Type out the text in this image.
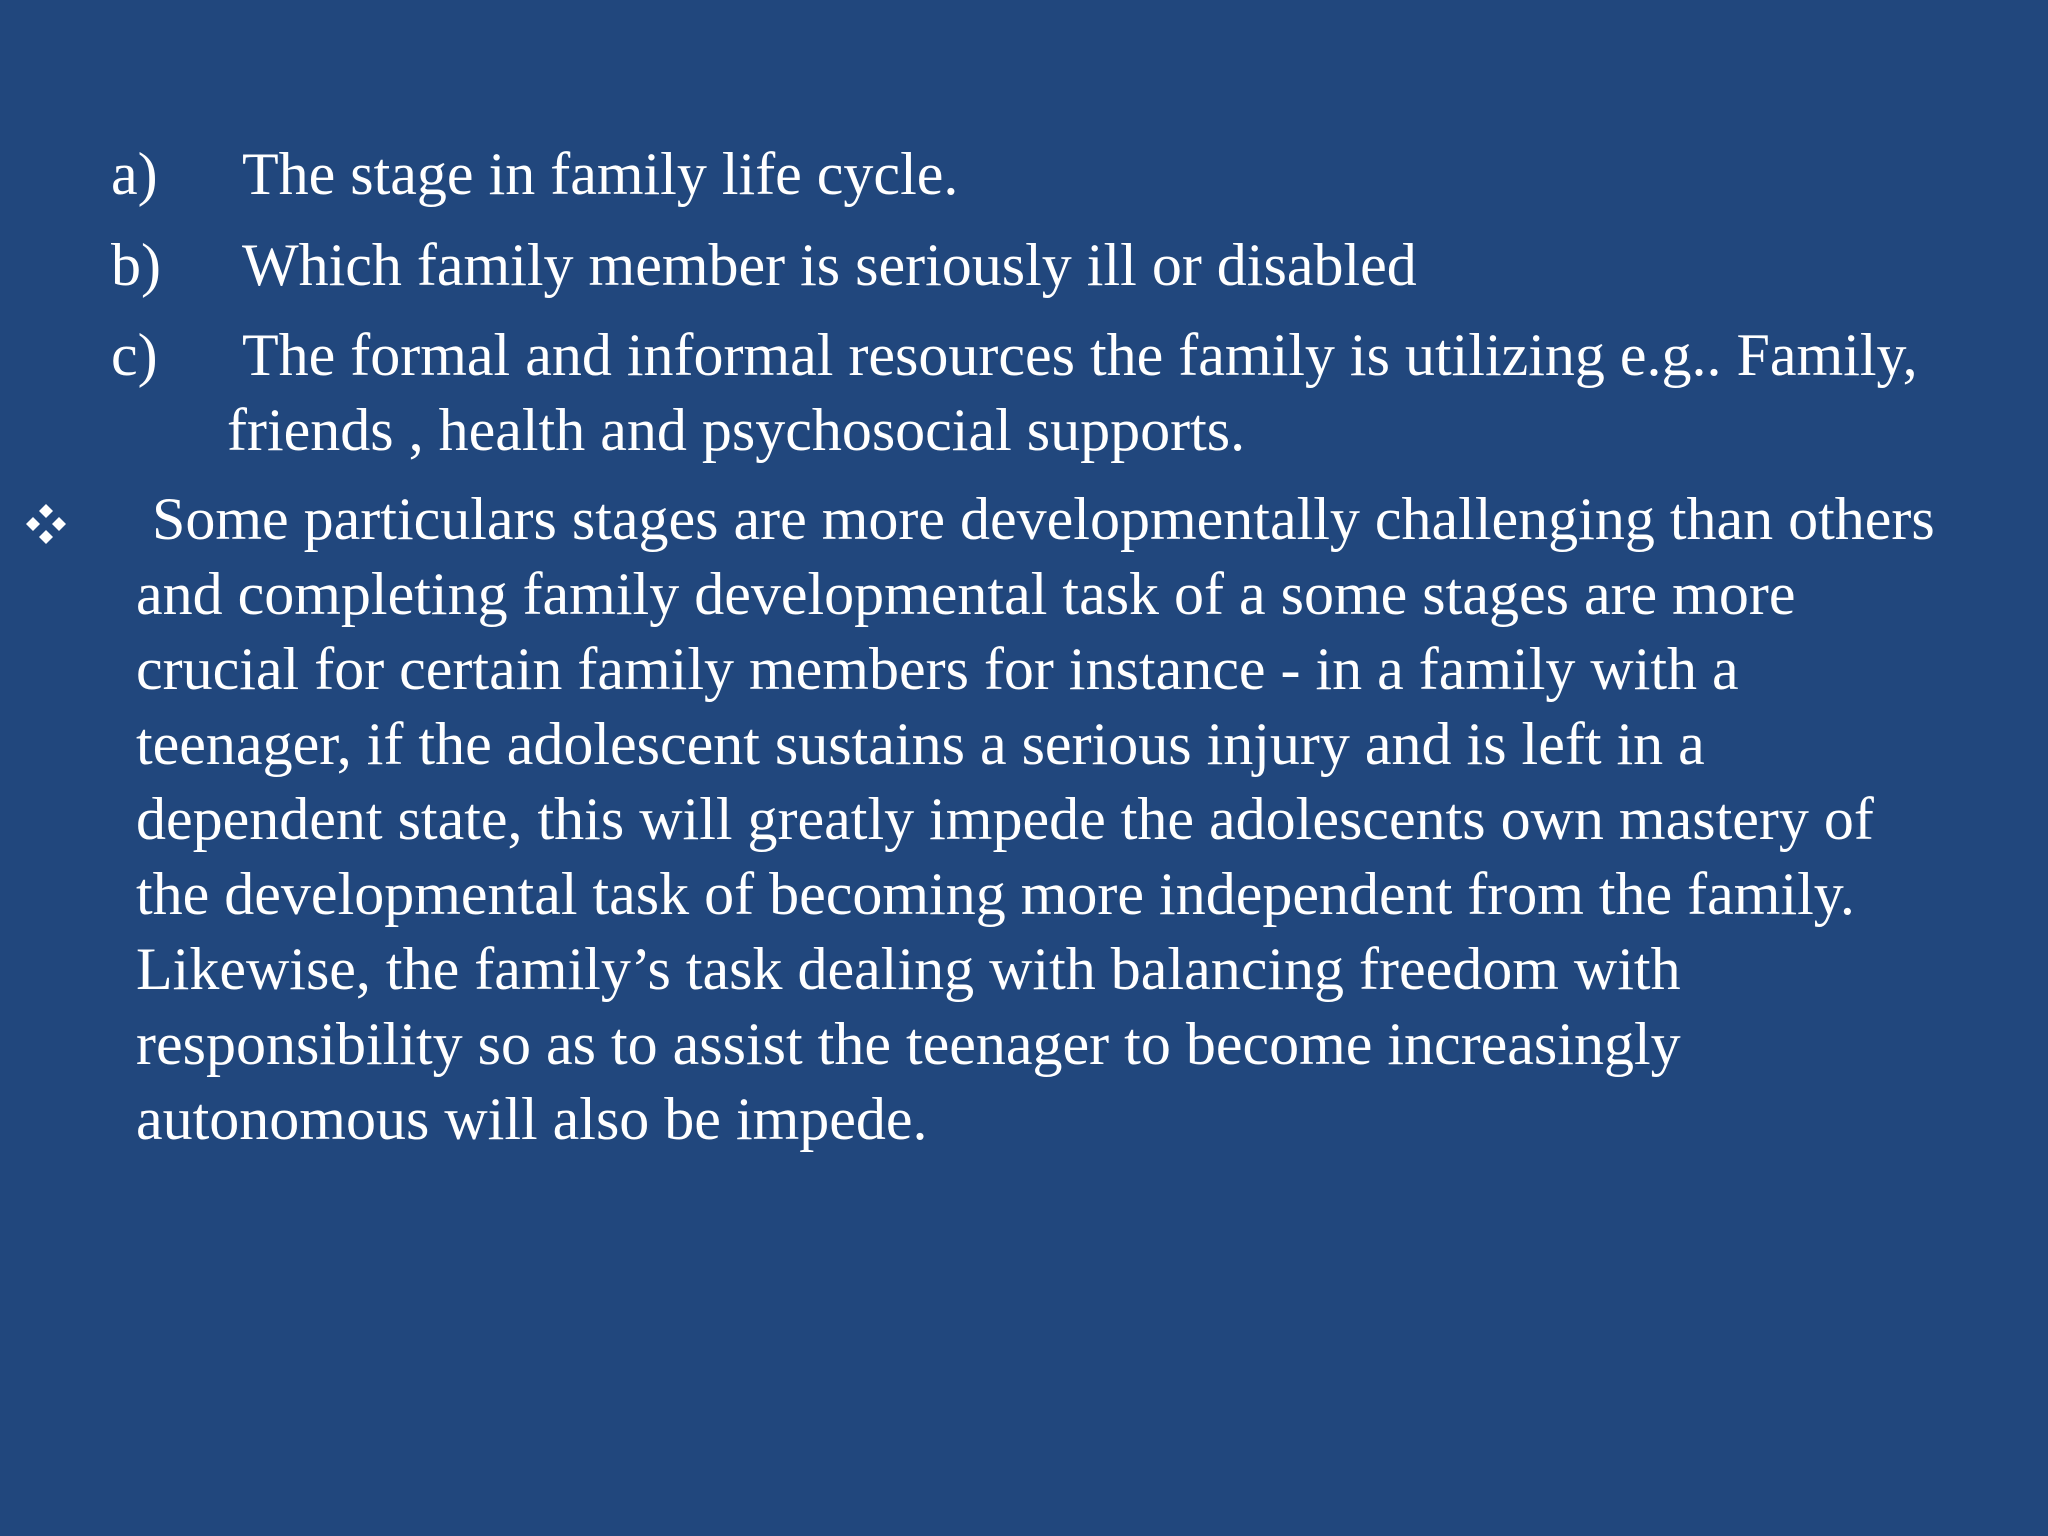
a) The stage in family life cycle.
b) Which family member is seriously ill or disabled
c) The formal and informal resources the family is utilizing e.g.. Family,
friends , health and psychosocial supports.
Some particulars stages are more developmentally challenging than others
and completing family developmental task of a some stages are more
crucial for certain family members for instance - in a family with a
teenager, if the adolescent sustains a serious injury and is left in a
dependent state, this will greatly impede the adolescents own mastery of
the developmental task of becoming more independent from the family.
Likewise, the family’s task dealing with balancing freedom with
responsibility so as to assist the teenager to become increasingly
autonomous will also be impede.
